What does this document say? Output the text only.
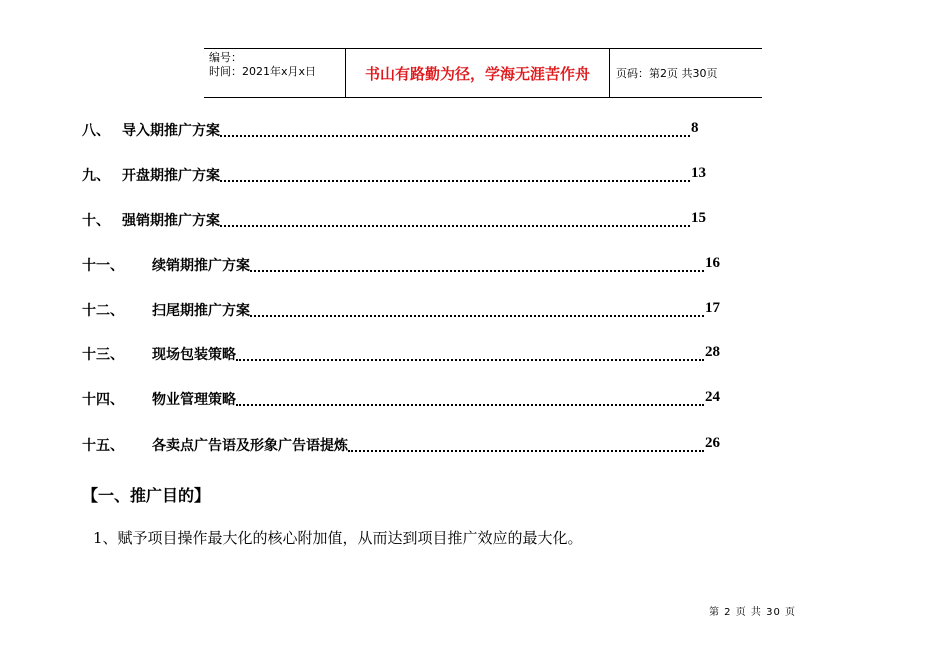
编号：
时间：2021年x月x日	书山有路勤为径，学海无涯苦作舟	页码：第2页 共30页
八、 导入期推广方案	8
九、 开盘期推广方案	13
十、 强销期推广方案	15
十一、 续销期推广方案	16
十二、 扫尾期推广方案	17
十三、 现场包装策略	28
十四、 物业管理策略	24
十五、 各卖点广告语及形象广告语提炼	26
【一、推广目的】
1、赋予项目操作最大化的核心附加值，从而达到项目推广效应的最大化。
第 2 页 共 30 页
